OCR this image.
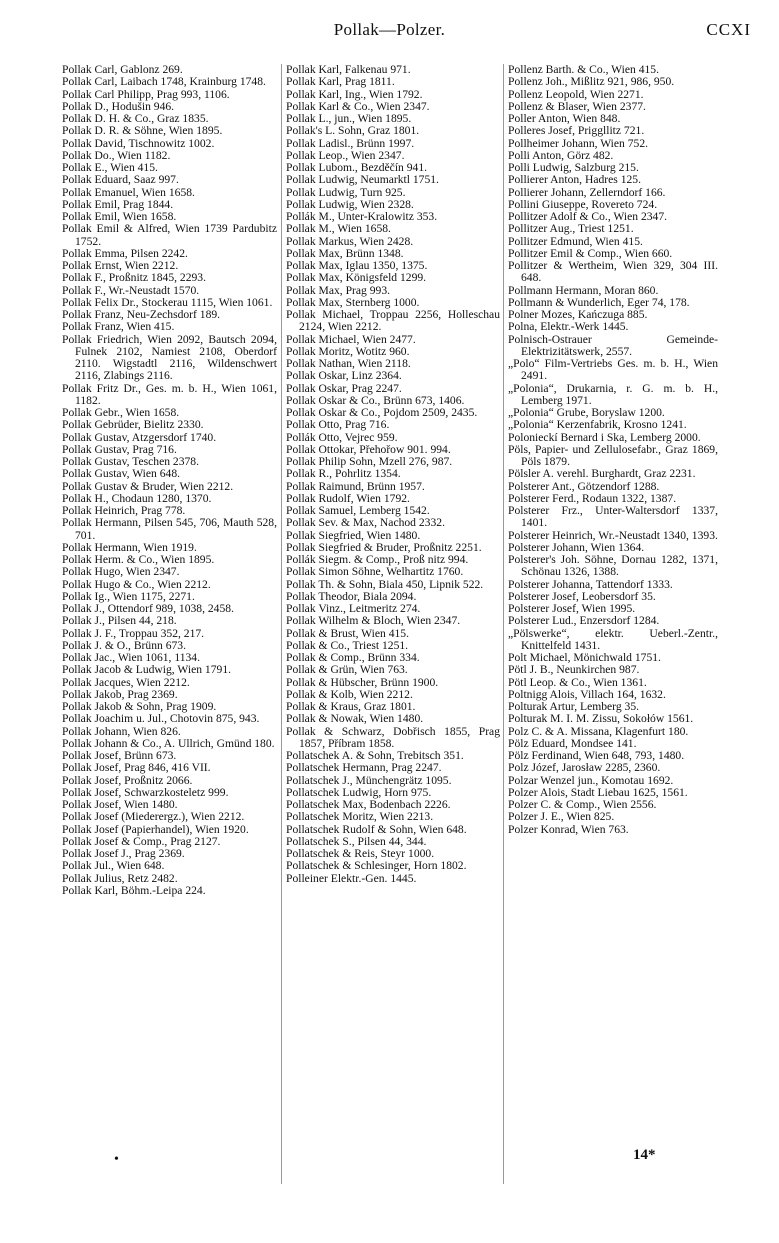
Pollak—Polzer.	CCXI

Pollak Carl, Gablonz 269.

Pollak Carl, Laibach 1748, Krainburg 1748.

Pollak Carl Philipp, Prag 993, 1106.

Pollak D., Hodušin 946.

Pollak D. H. & Co., Graz 1835.

Pollak D. R. & Söhne, Wien 1895.

Pollak David, Tischnowitz 1002.

Pollak Do., Wien 1182.

Pollak E., Wien 415.

Pollak Eduard, Saaz 997.

Pollak Emanuel, Wien 1658.

Pollak Emil, Prag 1844.

Pollak Emil, Wien 1658.

Pollak Emil & Alfred, Wien 1739 Pardubitz 1752.

Pollak Emma, Pilsen 2242.

Pollak Ernst, Wien 2212.

Pollak F., Proßnitz 1845, 2293.

Pollak F., Wr.-Neustadt 1570.

Pollak Felix Dr., Stockerau 1115, Wien 1061.

Pollak Franz, Neu-Zechsdorf 189.

Pollak Franz, Wien 415.

Pollak Friedrich, Wien 2092, Bautsch 2094, Fulnek 2102, Namiest 2108, Oberdorf 2110. Wigstadtl 2116, Wildenschwert 2116, Zlabings 2116.

Pollak Fritz Dr., Ges. m. b. H., Wien 1061, 1182.

Pollak Gebr., Wien 1658.

Pollak Gebrüder, Bielitz 2330.

Pollak Gustav, Atzgersdorf 1740.

Pollak Gustav, Prag 716.

Pollak Gustav, Teschen 2378.

Pollak Gustav, Wien 648.

Pollak Gustav & Bruder, Wien 2212.

Pollak H., Chodaun 1280, 1370.

Pollak Heinrich, Prag 778.

Pollak Hermann, Pilsen 545, 706, Mauth 528, 701.

Pollak Hermann, Wien 1919.

Pollak Herm. & Co., Wien 1895.

Pollak Hugo, Wien 2347.

Pollak Hugo & Co., Wien 2212.

Pollak Ig., Wien 1175, 2271.

Pollak J., Ottendorf 989, 1038, 2458.

Pollak J., Pilsen 44, 218.

Pollak J. F., Troppau 352, 217.

Pollak J. & O., Brünn 673.

Pollak Jac., Wien 1061, 1134.

Pollak Jacob & Ludwig, Wien 1791.

Pollak Jacques, Wien 2212.

Pollak Jakob, Prag 2369.

Pollak Jakob & Sohn, Prag 1909.

Pollak Joachim u. Jul., Chotovin 875, 943.

Pollak Johann, Wien 826.

Pollak Johann & Co., A. Ullrich, Gmünd 180.

Pollak Josef, Brünn 673.

Pollak Josef, Prag 846, 416 VII.

Pollak Josef, Proßnitz 2066.

Pollak Josef, Schwarzkosteletz 999.

Pollak Josef, Wien 1480.

Pollak Josef (Miederergz.), Wien 2212.

Pollak Josef (Papierhandel), Wien 1920.

Pollak Josef & Comp., Prag 2127.

Pollak Josef J., Prag 2369.

Pollak Jul., Wien 648.

Pollak Julius, Retz 2482.

Pollak Karl, Böhm.-Leipa 224.

Pollak Karl, Falkenau 971.

Pollak Karl, Prag 1811.

Pollak Karl, Ing., Wien 1792.

Pollak Karl & Co., Wien 2347.

Pollak L., jun., Wien 1895.

Pollak's L. Sohn, Graz 1801.

Pollak Ladisl., Brünn 1997.

Pollak Leop., Wien 2347.

Pollak Lubom., Bezděčín 941.

Pollak Ludwig, Neumarktl 1751.

Pollak Ludwig, Turn 925.

Pollak Ludwig, Wien 2328.

Pollák M., Unter-Kralowitz 353.

Pollak M., Wien 1658.

Pollak Markus, Wien 2428.

Pollak Max, Brünn 1348.

Pollak Max, Iglau 1350, 1375.

Pollak Max, Königsfeld 1299.

Pollak Max, Prag 993.

Pollak Max, Sternberg 1000.

Pollak Michael, Troppau 2256, Holleschau 2124, Wien 2212.

Pollak Michael, Wien 2477.

Pollak Moritz, Wotitz 960.

Pollak Nathan, Wien 2118.

Pollak Oskar, Linz 2364.

Pollak Oskar, Prag 2247.

Pollak Oskar & Co., Brünn 673, 1406.

Pollak Oskar & Co., Pojdom 2509, 2435.

Pollak Otto, Prag 716.

Pollák Otto, Vejrec 959.

Pollak Ottokar, Přehořow 901. 994.

Pollak Philip Sohn, Mzell 276, 987.

Pollak R., Pohrlitz 1354.

Pollak Raimund, Brünn 1957.

Pollak Rudolf, Wien 1792.

Pollak Samuel, Lemberg 1542.

Pollak Sev. & Max, Nachod 2332.

Pollak Siegfried, Wien 1480.

Pollak Siegfried & Bruder, Proßnitz 2251.

Pollák Siegm. & Comp., Proß nitz 994.

Pollak Simon Söhne, Welhartitz 1760.

Pollak Th. & Sohn, Biala 450, Lipnik 522.

Pollak Theodor, Biala 2094.

Pollak Vinz., Leitmeritz 274.

Pollak Wilhelm & Bloch, Wien 2347.

Pollak & Brust, Wien 415.

Pollak & Co., Triest 1251.

Pollak & Comp., Brünn 334.

Pollak & Grün, Wien 763.

Pollak & Hübscher, Brünn 1900.

Pollak & Kolb, Wien 2212.

Pollak & Kraus, Graz 1801.

Pollak & Nowak, Wien 1480.

Pollak & Schwarz, Dobřisch 1855, Prag 1857, Příbram 1858.

Pollatschek A. & Sohn, Trebitsch 351.

Pollatschek Hermann, Prag 2247.

Pollatschek J., Münchengrätz 1095.

Pollatschek Ludwig, Horn 975.

Pollatschek Max, Bodenbach 2226.

Pollatschek Moritz, Wien 2213.

Pollatschek Rudolf & Sohn, Wien 648.

Pollatschek S., Pilsen 44, 344.

Pollatschek & Reis, Steyr 1000.

Pollatschek & Schlesinger, Horn 1802.

Polleiner Elektr.-Gen. 1445.

Pollenz Barth. & Co., Wien 415.

Pollenz Joh., Mißlitz 921, 986, 950.

Pollenz Leopold, Wien 2271.

Pollenz & Blaser, Wien 2377.

Poller Anton, Wien 848.

Polleres Josef, Priggllitz 721.

Pollheimer Johann, Wien 752.

Polli Anton, Görz 482.

Polli Ludwig, Salzburg 215.

Pollierer Anton, Hadres 125.

Pollierer Johann, Zellerndorf 166.

Pollini Giuseppe, Rovereto 724.

Pollitzer Adolf & Co., Wien 2347.

Pollitzer Aug., Triest 1251.

Pollitzer Edmund, Wien 415.

Pollitzer Emil & Comp., Wien 660.

Pollitzer & Wertheim, Wien 329, 304 III. 648.

Pollmann Hermann, Moran 860.

Pollmann & Wunderlich, Eger 74, 178.

Polner Mozes, Kańczuga 885.

Polna, Elektr.-Werk 1445.

Polnisch-Ostrauer Gemeinde-Elektrizitätswerk, 2557.

„Polo“ Film-Vertriebs Ges. m. b. H., Wien 2491.

„Polonia“, Drukarnia, r. G. m. b. H., Lemberg 1971.

„Polonia“ Grube, Boryslaw 1200.

„Polonia“ Kerzenfabrik, Krosno 1241.

Polonieckí Bernard i Ska, Lemberg 2000.

Pöls, Papier- und Zellulosefabr., Graz 1869, Pöls 1879.

Pölsler A. verehl. Burghardt, Graz 2231.

Polsterer Ant., Götzendorf 1288.

Polsterer Ferd., Rodaun 1322, 1387.

Polsterer Frz., Unter-Waltersdorf 1337, 1401.

Polsterer Heinrich, Wr.-Neustadt 1340, 1393.

Polsterer Johann, Wien 1364.

Polsterer's Joh. Söhne, Dornau 1282, 1371, Schönau 1326, 1388.

Polsterer Johanna, Tattendorf 1333.

Polsterer Josef, Leobersdorf 35.

Polsterer Josef, Wien 1995.

Polsterer Lud., Enzersdorf 1284.

„Pölswerke“, elektr. Ueberl.-Zentr., Knittelfeld 1431.

Polt Michael, Mönichwald 1751.

Pötl J. B., Neunkirchen 987.

Pötl Leop. & Co., Wien 1361.

Poltnigg Alois, Villach 164, 1632.

Polturak Artur, Lemberg 35.

Polturak M. I. M. Zissu, Sokołów 1561.

Polz C. & A. Missana, Klagenfurt 180.

Pölz Eduard, Mondsee 141.

Pölz Ferdinand, Wien 648, 793, 1480.

Polz Józef, Jarosław 2285, 2360.

Polzar Wenzel jun., Komotau 1692.

Polzer Alois, Stadt Liebau 1625, 1561.

Polzer C. & Comp., Wien 2556.

Polzer J. E., Wien 825.

Polzer Konrad, Wien 763.

•	14*
